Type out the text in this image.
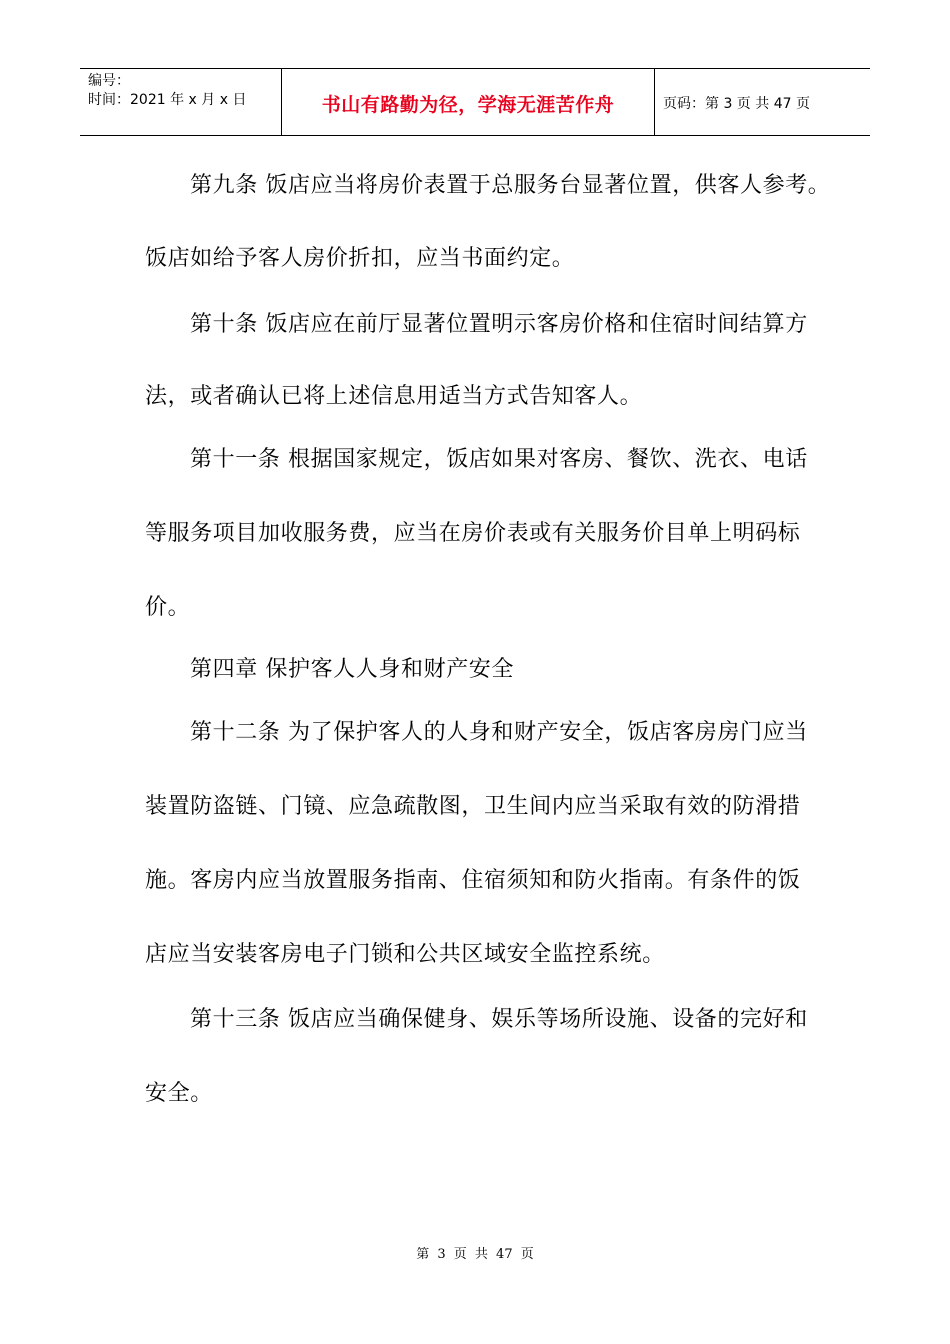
编号：
时间：2021 年 x 月 x 日	书山有路勤为径，学海无涯苦作舟	页码：第 3 页 共 47 页
第九条 饭店应当将房价表置于总服务台显著位置，供客人参考。
饭店如给予客人房价折扣，应当书面约定。
第十条 饭店应在前厅显著位置明示客房价格和住宿时间结算方
法，或者确认已将上述信息用适当方式告知客人。
第十一条 根据国家规定，饭店如果对客房、餐饮、洗衣、电话
等服务项目加收服务费，应当在房价表或有关服务价目单上明码标
价。
第四章 保护客人人身和财产安全
第十二条 为了保护客人的人身和财产安全，饭店客房房门应当
装置防盗链、门镜、应急疏散图，卫生间内应当采取有效的防滑措
施。客房内应当放置服务指南、住宿须知和防火指南。有条件的饭
店应当安装客房电子门锁和公共区域安全监控系统。
第十三条 饭店应当确保健身、娱乐等场所设施、设备的完好和
安全。
第 3 页 共 47 页
